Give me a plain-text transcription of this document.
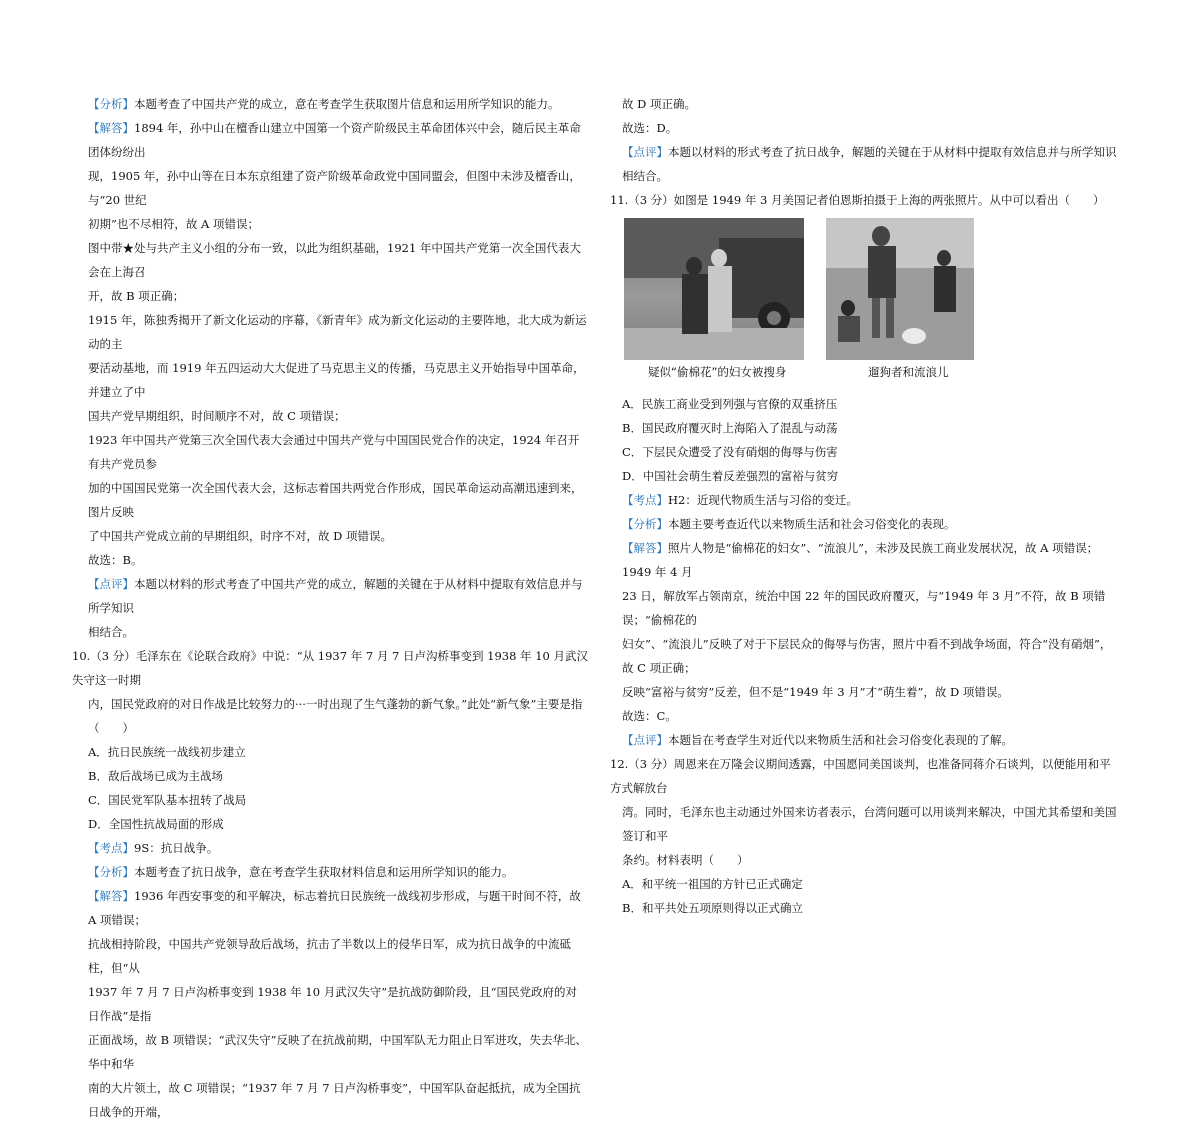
【分析】本题考查了中国共产党的成立，意在考查学生获取图片信息和运用所学知识的能力。

【解答】1894 年，孙中山在檀香山建立中国第一个资产阶级民主革命团体兴中会，随后民主革命团体纷纷出

现，1905 年，孙中山等在日本东京组建了资产阶级革命政党中国同盟会，但图中未涉及檀香山，与“20 世纪

初期”也不尽相符，故 A 项错误；

图中带★处与共产主义小组的分布一致，以此为组织基础，1921 年中国共产党第一次全国代表大会在上海召

开，故 B 项正确；

1915 年，陈独秀揭开了新文化运动的序幕，《新青年》成为新文化运动的主要阵地，北大成为新运动的主

要活动基地，而 1919 年五四运动大大促进了马克思主义的传播，马克思主义开始指导中国革命，并建立了中

国共产党早期组织，时间顺序不对，故 C 项错误；

1923 年中国共产党第三次全国代表大会通过中国共产党与中国国民党合作的决定，1924 年召开有共产党员参

加的中国国民党第一次全国代表大会，这标志着国共两党合作形成，国民革命运动高潮迅速到来，图片反映

了中国共产党成立前的早期组织，时序不对，故 D 项错误。

故选：B。

【点评】本题以材料的形式考查了中国共产党的成立，解题的关键在于从材料中提取有效信息并与所学知识

相结合。

10.（3 分）毛泽东在《论联合政府》中说：“从 1937 年 7 月 7 日卢沟桥事变到 1938 年 10 月武汉失守这一时期

内，国民党政府的对日作战是比较努力的···一时出现了生气蓬勃的新气象。”此处“新气象”主要是指（　　）

A．抗日民族统一战线初步建立

B．敌后战场已成为主战场

C．国民党军队基本扭转了战局

D．全国性抗战局面的形成

【考点】9S：抗日战争。

【分析】本题考查了抗日战争，意在考查学生获取材料信息和运用所学知识的能力。

【解答】1936 年西安事变的和平解决，标志着抗日民族统一战线初步形成，与题干时间不符，故 A 项错误；

抗战相持阶段，中国共产党领导敌后战场，抗击了半数以上的侵华日军，成为抗日战争的中流砥柱，但“从

1937 年 7 月 7 日卢沟桥事变到 1938 年 10 月武汉失守”是抗战防御阶段，且“国民党政府的对日作战”是指

正面战场，故 B 项错误；“武汉失守”反映了在抗战前期，中国军队无力阻止日军进攻，失去华北、华中和华

南的大片领土，故 C 项错误；“1937 年 7 月 7 日卢沟桥事变”，中国军队奋起抵抗，成为全国抗日战争的开端，

故 D 项正确。

故选：D。

【点评】本题以材料的形式考查了抗日战争，解题的关键在于从材料中提取有效信息并与所学知识相结合。

11.（3 分）如图是 1949 年 3 月美国记者伯恩斯拍摄于上海的两张照片。从中可以看出（　　）

疑似“偷棉花”的妇女被搜身	遛狗者和流浪儿

A．民族工商业受到列强与官僚的双重挤压

B．国民政府覆灭时上海陷入了混乱与动荡

C．下层民众遭受了没有硝烟的侮辱与伤害

D．中国社会萌生着反差强烈的富裕与贫穷

【考点】H2：近现代物质生活与习俗的变迁。

【分析】本题主要考查近代以来物质生活和社会习俗变化的表现。

【解答】照片人物是“偷棉花的妇女”、“流浪儿”，未涉及民族工商业发展状况，故 A 项错误；1949 年 4 月

23 日，解放军占领南京，统治中国 22 年的国民政府覆灭，与“1949 年 3 月”不符，故 B 项错误；“偷棉花的

妇女”、“流浪儿”反映了对于下层民众的侮辱与伤害，照片中看不到战争场面，符合“没有硝烟”，故 C 项正确；

反映“富裕与贫穷”反差，但不是“1949 年 3 月”才“萌生着”，故 D 项错误。

故选：C。

【点评】本题旨在考查学生对近代以来物质生活和社会习俗变化表现的了解。

12.（3 分）周恩来在万隆会议期间透露，中国愿同美国谈判，也准备同蒋介石谈判，以便能用和平方式解放台

湾。同时，毛泽东也主动通过外国来访者表示，台湾问题可以用谈判来解决，中国尤其希望和美国签订和平

条约。材料表明（　　）

A．和平统一祖国的方针已正式确定

B．和平共处五项原则得以正式确立
